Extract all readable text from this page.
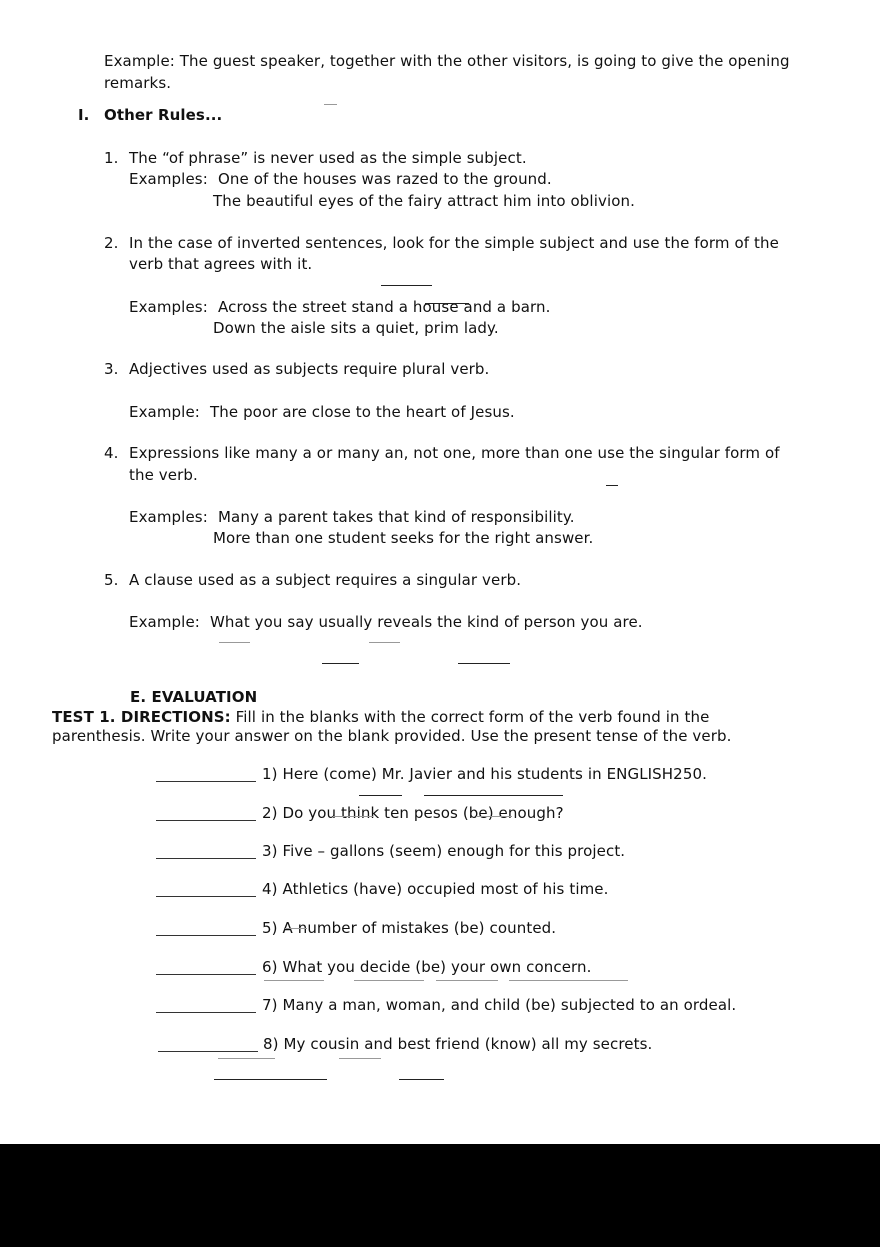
Example: The guest speaker, together with the other visitors, is going to give the opening
remarks.
I. Other Rules...
1. The “of phrase” is never used as the simple subject.
Examples: One of the houses was razed to the ground.
The beautiful eyes of the fairy attract him into oblivion.
2. In the case of inverted sentences, look for the simple subject and use the form of the
verb that agrees with it.
Examples: Across the street stand a house and a barn.
Down the aisle sits a quiet, prim lady.
3. Adjectives used as subjects require plural verb.
Example: The poor are close to the heart of Jesus.
4. Expressions like many a or many an, not one, more than one use the singular form of
the verb.
Examples: Many a parent takes that kind of responsibility.
More than one student seeks for the right answer.
5. A clause used as a subject requires a singular verb.
Example: What you say usually reveals the kind of person you are.
E. EVALUATION
TEST 1. DIRECTIONS: Fill in the blanks with the correct form of the verb found in the
parenthesis. Write your answer on the blank provided. Use the present tense of the verb.
1) Here (come) Mr. Javier and his students in ENGLISH250.
2) Do you think ten pesos (be) enough?
3) Five – gallons (seem) enough for this project.
4) Athletics (have) occupied most of his time.
5) A number of mistakes (be) counted.
6) What you decide (be) your own concern.
7) Many a man, woman, and child (be) subjected to an ordeal.
8) My cousin and best friend (know) all my secrets.
